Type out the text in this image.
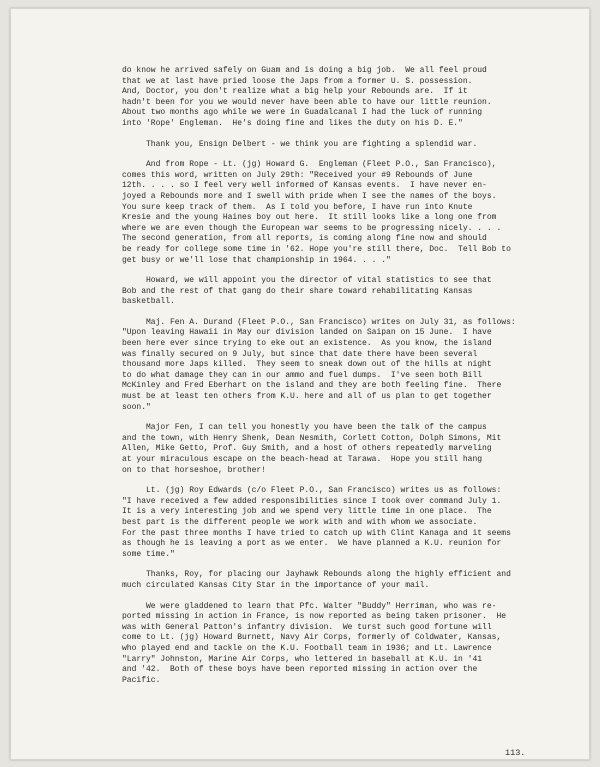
do know he arrived safely on Guam and is doing a big job.  We all feel proud
that we at last have pried loose the Japs from a former U. S. possession.
And, Doctor, you don't realize what a big help your Rebounds are.  If it
hadn't been for you we would never have been able to have our little reunion.
About two months ago while we were in Guadalcanal I had the luck of running
into 'Rope' Engleman.  He's doing fine and likes the duty on his D. E."

Thank you, Ensign Delbert - we think you are fighting a splendid war.

And from Rope - Lt. (jg) Howard G.  Engleman (Fleet P.O., San Francisco),
comes this word, written on July 29th: "Received your #9 Rebounds of June
12th. . . . so I feel very well informed of Kansas events.  I have never en-
joyed a Rebounds more and I swell with pride when I see the names of the boys.
You sure keep track of them.  As I told you before, I have run into Knute
Kresie and the young Haines boy out here.  It still looks like a long one from
where we are even though the European war seems to be progressing nicely. . . .
The second generation, from all reports, is coming along fine now and should
be ready for college some time in '62. Hope you're still there, Doc.  Tell Bob to
get busy or we'll lose that championship in 1964. . . ."

Howard, we will appoint you the director of vital statistics to see that
Bob and the rest of that gang do their share toward rehabilitating Kansas
basketball.

Maj. Fen A. Durand (Fleet P.O., San Francisco) writes on July 31, as follows:
"Upon leaving Hawaii in May our division landed on Saipan on 15 June.  I have
been here ever since trying to eke out an existence.  As you know, the island
was finally secured on 9 July, but since that date there have been several
thousand more Japs killed.  They seem to sneak down out of the hills at night
to do what damage they can in our ammo and fuel dumps.  I've seen both Bill
McKinley and Fred Eberhart on the island and they are both feeling fine.  There
must be at least ten others from K.U. here and all of us plan to get together
soon."

Major Fen, I can tell you honestly you have been the talk of the campus
and the town, with Henry Shenk, Dean Nesmith, Corlett Cotton, Dolph Simons, Mit
Allen, Mike Getto, Prof. Guy Smith, and a host of others repeatedly marveling
at your miraculous escape on the beach-head at Tarawa.  Hope you still hang
on to that horseshoe, brother!

Lt. (jg) Roy Edwards (c/o Fleet P.O., San Francisco) writes us as follows:
"I have received a few added responsibilities since I took over command July 1.
It is a very interesting job and we spend very little time in one place.  The
best part is the different people we work with and with whom we associate.
For the past three months I have tried to catch up with Clint Kanaga and it seems
as though he is leaving a port as we enter.  We have planned a K.U. reunion for
some time."

Thanks, Roy, for placing our Jayhawk Rebounds along the highly efficient and
much circulated Kansas City Star in the importance of your mail.

We were gladdened to learn that Pfc. Walter "Buddy" Herriman, who was re-
ported missing in action in France, is now reported as being taken prisoner.  He
was with General Patton's infantry division.  We turst such good fortune will
come to Lt. (jg) Howard Burnett, Navy Air Corps, formerly of Coldwater, Kansas,
who played end and tackle on the K.U. Football team in 1936; and Lt. Lawrence
"Larry" Johnston, Marine Air Corps, who lettered in baseball at K.U. in '41
and '42.  Both of these boys have been reported missing in action over the
Pacific.

113.
